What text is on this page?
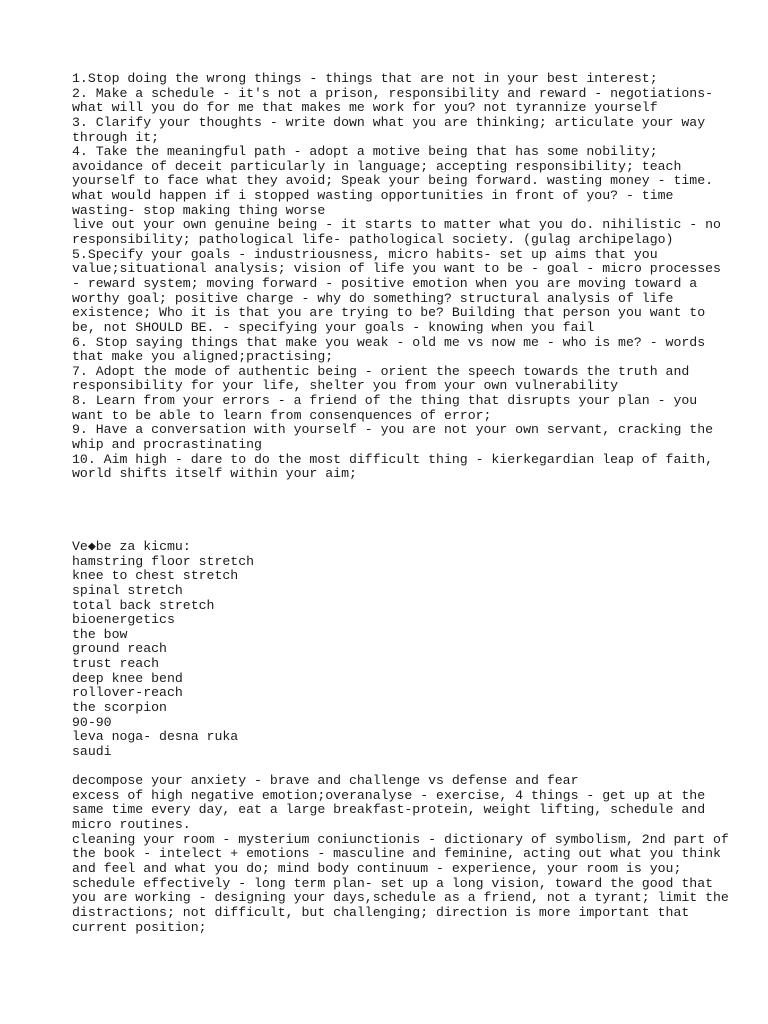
1.Stop doing the wrong things - things that are not in your best interest;
2. Make a schedule - it's not a prison, responsibility and reward - negotiations-
what will you do for me that makes me work for you? not tyrannize yourself
3. Clarify your thoughts - write down what you are thinking; articulate your way
through it;
4. Take the meaningful path - adopt a motive being that has some nobility;
avoidance of deceit particularly in language; accepting responsibility; teach
yourself to face what they avoid; Speak your being forward. wasting money - time.
what would happen if i stopped wasting opportunities in front of you? - time
wasting- stop making thing worse
live out your own genuine being - it starts to matter what you do. nihilistic - no
responsibility; pathological life- pathological society. (gulag archipelago)
5.Specify your goals - industriousness, micro habits- set up aims that you
value;situational analysis; vision of life you want to be - goal - micro processes
- reward system; moving forward - positive emotion when you are moving toward a
worthy goal; positive charge - why do something? structural analysis of life
existence; Who it is that you are trying to be? Building that person you want to
be, not SHOULD BE. - specifying your goals - knowing when you fail
6. Stop saying things that make you weak - old me vs now me - who is me? - words
that make you aligned;practising;
7. Adopt the mode of authentic being - orient the speech towards the truth and
responsibility for your life, shelter you from your own vulnerability
8. Learn from your errors - a friend of the thing that disrupts your plan - you
want to be able to learn from consenquences of error;
9. Have a conversation with yourself - you are not your own servant, cracking the
whip and procrastinating
10. Aim high - dare to do the most difficult thing - kierkegardian leap of faith,
world shifts itself within your aim;
Ve◆be za kicmu:
hamstring floor stretch
knee to chest stretch
spinal stretch
total back stretch
bioenergetics
the bow
ground reach
trust reach
deep knee bend
rollover-reach
the scorpion
90-90
leva noga- desna ruka
saudi
decompose your anxiety - brave and challenge vs defense and fear
excess of high negative emotion;overanalyse - exercise, 4 things - get up at the
same time every day, eat a large breakfast-protein, weight lifting, schedule and
micro routines.
cleaning your room - mysterium coniunctionis - dictionary of symbolism, 2nd part of
the book - intelect + emotions - masculine and feminine, acting out what you think
and feel and what you do; mind body continuum - experience, your room is you;
schedule effectively - long term plan- set up a long vision, toward the good that
you are working - designing your days,schedule as a friend, not a tyrant; limit the
distractions; not difficult, but challenging; direction is more important that
current position;
